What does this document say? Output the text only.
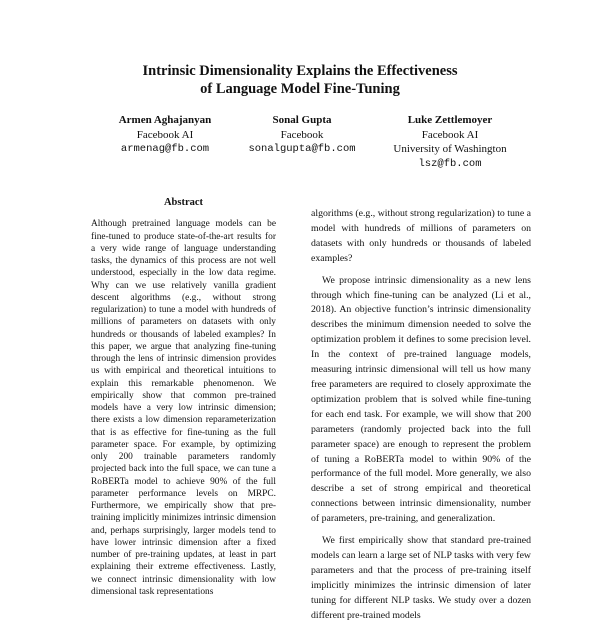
Intrinsic Dimensionality Explains the Effectiveness
of Language Model Fine-Tuning
Armen Aghajanyan
Facebook AI
armenag@fb.com
Sonal Gupta
Facebook
sonalgupta@fb.com
Luke Zettlemoyer
Facebook AI
University of Washington
lsz@fb.com
Abstract

Although pretrained language models can be fine-tuned to produce state-of-the-art results for a very wide range of language understanding tasks, the dynamics of this process are not well understood, especially in the low data regime. Why can we use relatively vanilla gradient descent algorithms (e.g., without strong regularization) to tune a model with hundreds of millions of parameters on datasets with only hundreds or thousands of labeled examples? In this paper, we argue that analyzing fine-tuning through the lens of intrinsic dimension provides us with empirical and theoretical intuitions to explain this remarkable phenomenon. We empirically show that common pre-trained models have a very low intrinsic dimension; there exists a low dimension reparameterization that is as effective for fine-tuning as the full parameter space. For example, by optimizing only 200 trainable parameters randomly projected back into the full space, we can tune a RoBERTa model to achieve 90% of the full parameter performance levels on MRPC. Furthermore, we empirically show that pre-training implicitly minimizes intrinsic dimension and, perhaps surprisingly, larger models tend to have lower intrinsic dimension after a fixed number of pre-training updates, at least in part explaining their extreme effectiveness. Lastly, we connect intrinsic dimensionality with low dimensional task representations

algorithms (e.g., without strong regularization) to tune a model with hundreds of millions of parameters on datasets with only hundreds or thousands of labeled examples?

We propose intrinsic dimensionality as a new lens through which fine-tuning can be analyzed (Li et al., 2018). An objective function’s intrinsic dimensionality describes the minimum dimension needed to solve the optimization problem it defines to some precision level. In the context of pre-trained language models, measuring intrinsic dimensional will tell us how many free parameters are required to closely approximate the optimization problem that is solved while fine-tuning for each end task. For example, we will show that 200 parameters (randomly projected back into the full parameter space) are enough to represent the problem of tuning a RoBERTa model to within 90% of the performance of the full model. More generally, we also describe a set of strong empirical and theoretical connections between intrinsic dimensionality, number of parameters, pre-training, and generalization.

We first empirically show that standard pre-trained models can learn a large set of NLP tasks with very few parameters and that the process of pre-training itself implicitly minimizes the intrinsic dimension of later tuning for different NLP tasks. We study over a dozen different pre-trained models
